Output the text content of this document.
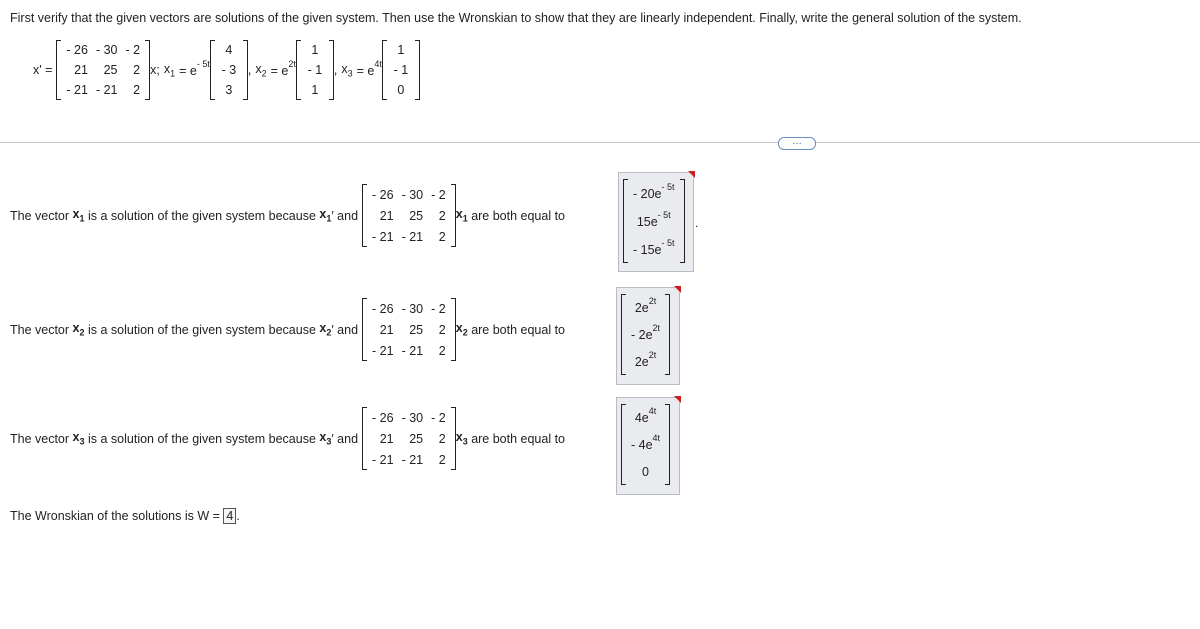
First verify that the given vectors are solutions of the given system. Then use the Wronskian to show that they are linearly independent. Finally, write the general solution of the system.
x' =
- 26	- 30	- 2
21	25	2
- 21	- 21	2
x; $x_1 = e^{- 5t}$
4
- 3
3
, $x_2 = e^{2t}$
1
- 1
1
, $x_3 = e^{4t}$
1
- 1
0
…
The vector
$x_1$
is a solution of the given system because
$x_1$ ′ and
- 26	- 30	- 2
21	25	2
- 21	- 21	2
$x_1$
are both equal to
- $20e^{- 5t}$
$15e^{- 5t}$
- $15e^{- 5t}$
.
The vector
$x_2$
is a solution of the given system because
$x_2$ ′ and
- 26	- 30	- 2
21	25	2
- 21	- 21	2
$x_2$
are both equal to
$2e^{2t}$
- $2e^{2t}$
$2e^{2t}$
The vector
$x_3$
is a solution of the given system because
$x_3$ ′ and
- 26	- 30	- 2
21	25	2
- 21	- 21	2
$x_3$
are both equal to
$4e^{4t}$
- $4e^{4t}$
0
The Wronskian of the solutions is W =
4 .
